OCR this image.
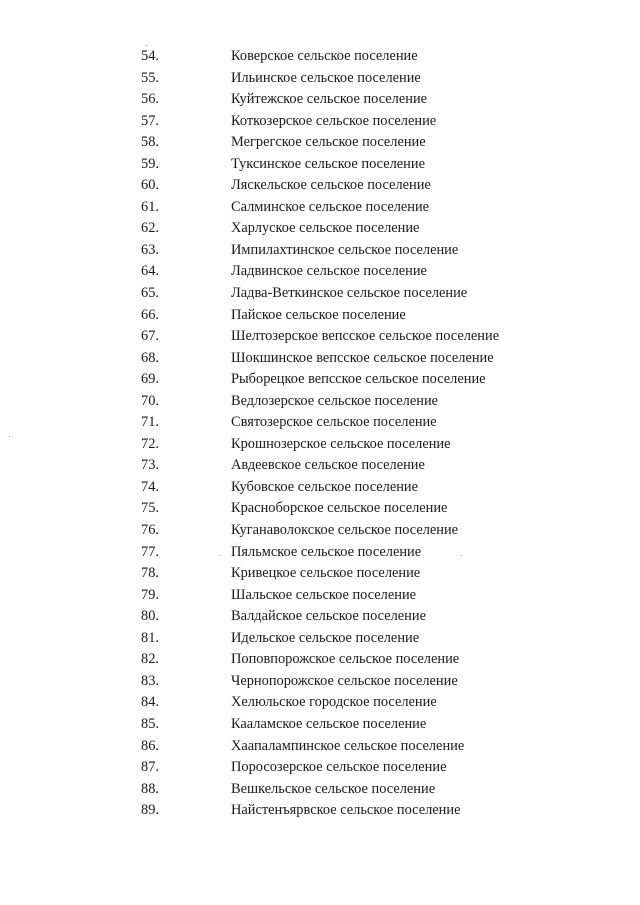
54.	Коверское сельское поселение
55.	Ильинское сельское поселение
56.	Куйтежское сельское поселение
57.	Коткозерское сельское поселение
58.	Мегрегское сельское поселение
59.	Туксинское сельское поселение
60.	Ляскельское сельское поселение
61.	Салминское сельское поселение
62.	Харлуское сельское поселение
63.	Импилахтинское сельское поселение
64.	Ладвинское сельское поселение
65.	Ладва-Веткинское сельское поселение
66.	Пайское сельское поселение
67.	Шелтозерское вепсское сельское поселение
68.	Шокшинское вепсское сельское поселение
69.	Рыборецкое вепсское сельское поселение
70.	Ведлозерское сельское поселение
71.	Святозерское сельское поселение
72.	Крошнозерское сельское поселение
73.	Авдеевское сельское поселение
74.	Кубовское сельское поселение
75.	Красноборское сельское поселение
76.	Куганаволокское сельское поселение
77.	Пяльмское сельское поселение
78.	Кривецкое сельское поселение
79.	Шальское сельское поселение
80.	Валдайское сельское поселение
81.	Идельское сельское поселение
82.	Поповпорожское сельское поселение
83.	Чернопорожское сельское поселение
84.	Хелюльское городское поселение
85.	Кааламское сельское поселение
86.	Хаапалампинское сельское поселение
87.	Поросозерское сельское поселение
88.	Вешкельское сельское поселение
89.	Найстенъярвское сельское поселение
